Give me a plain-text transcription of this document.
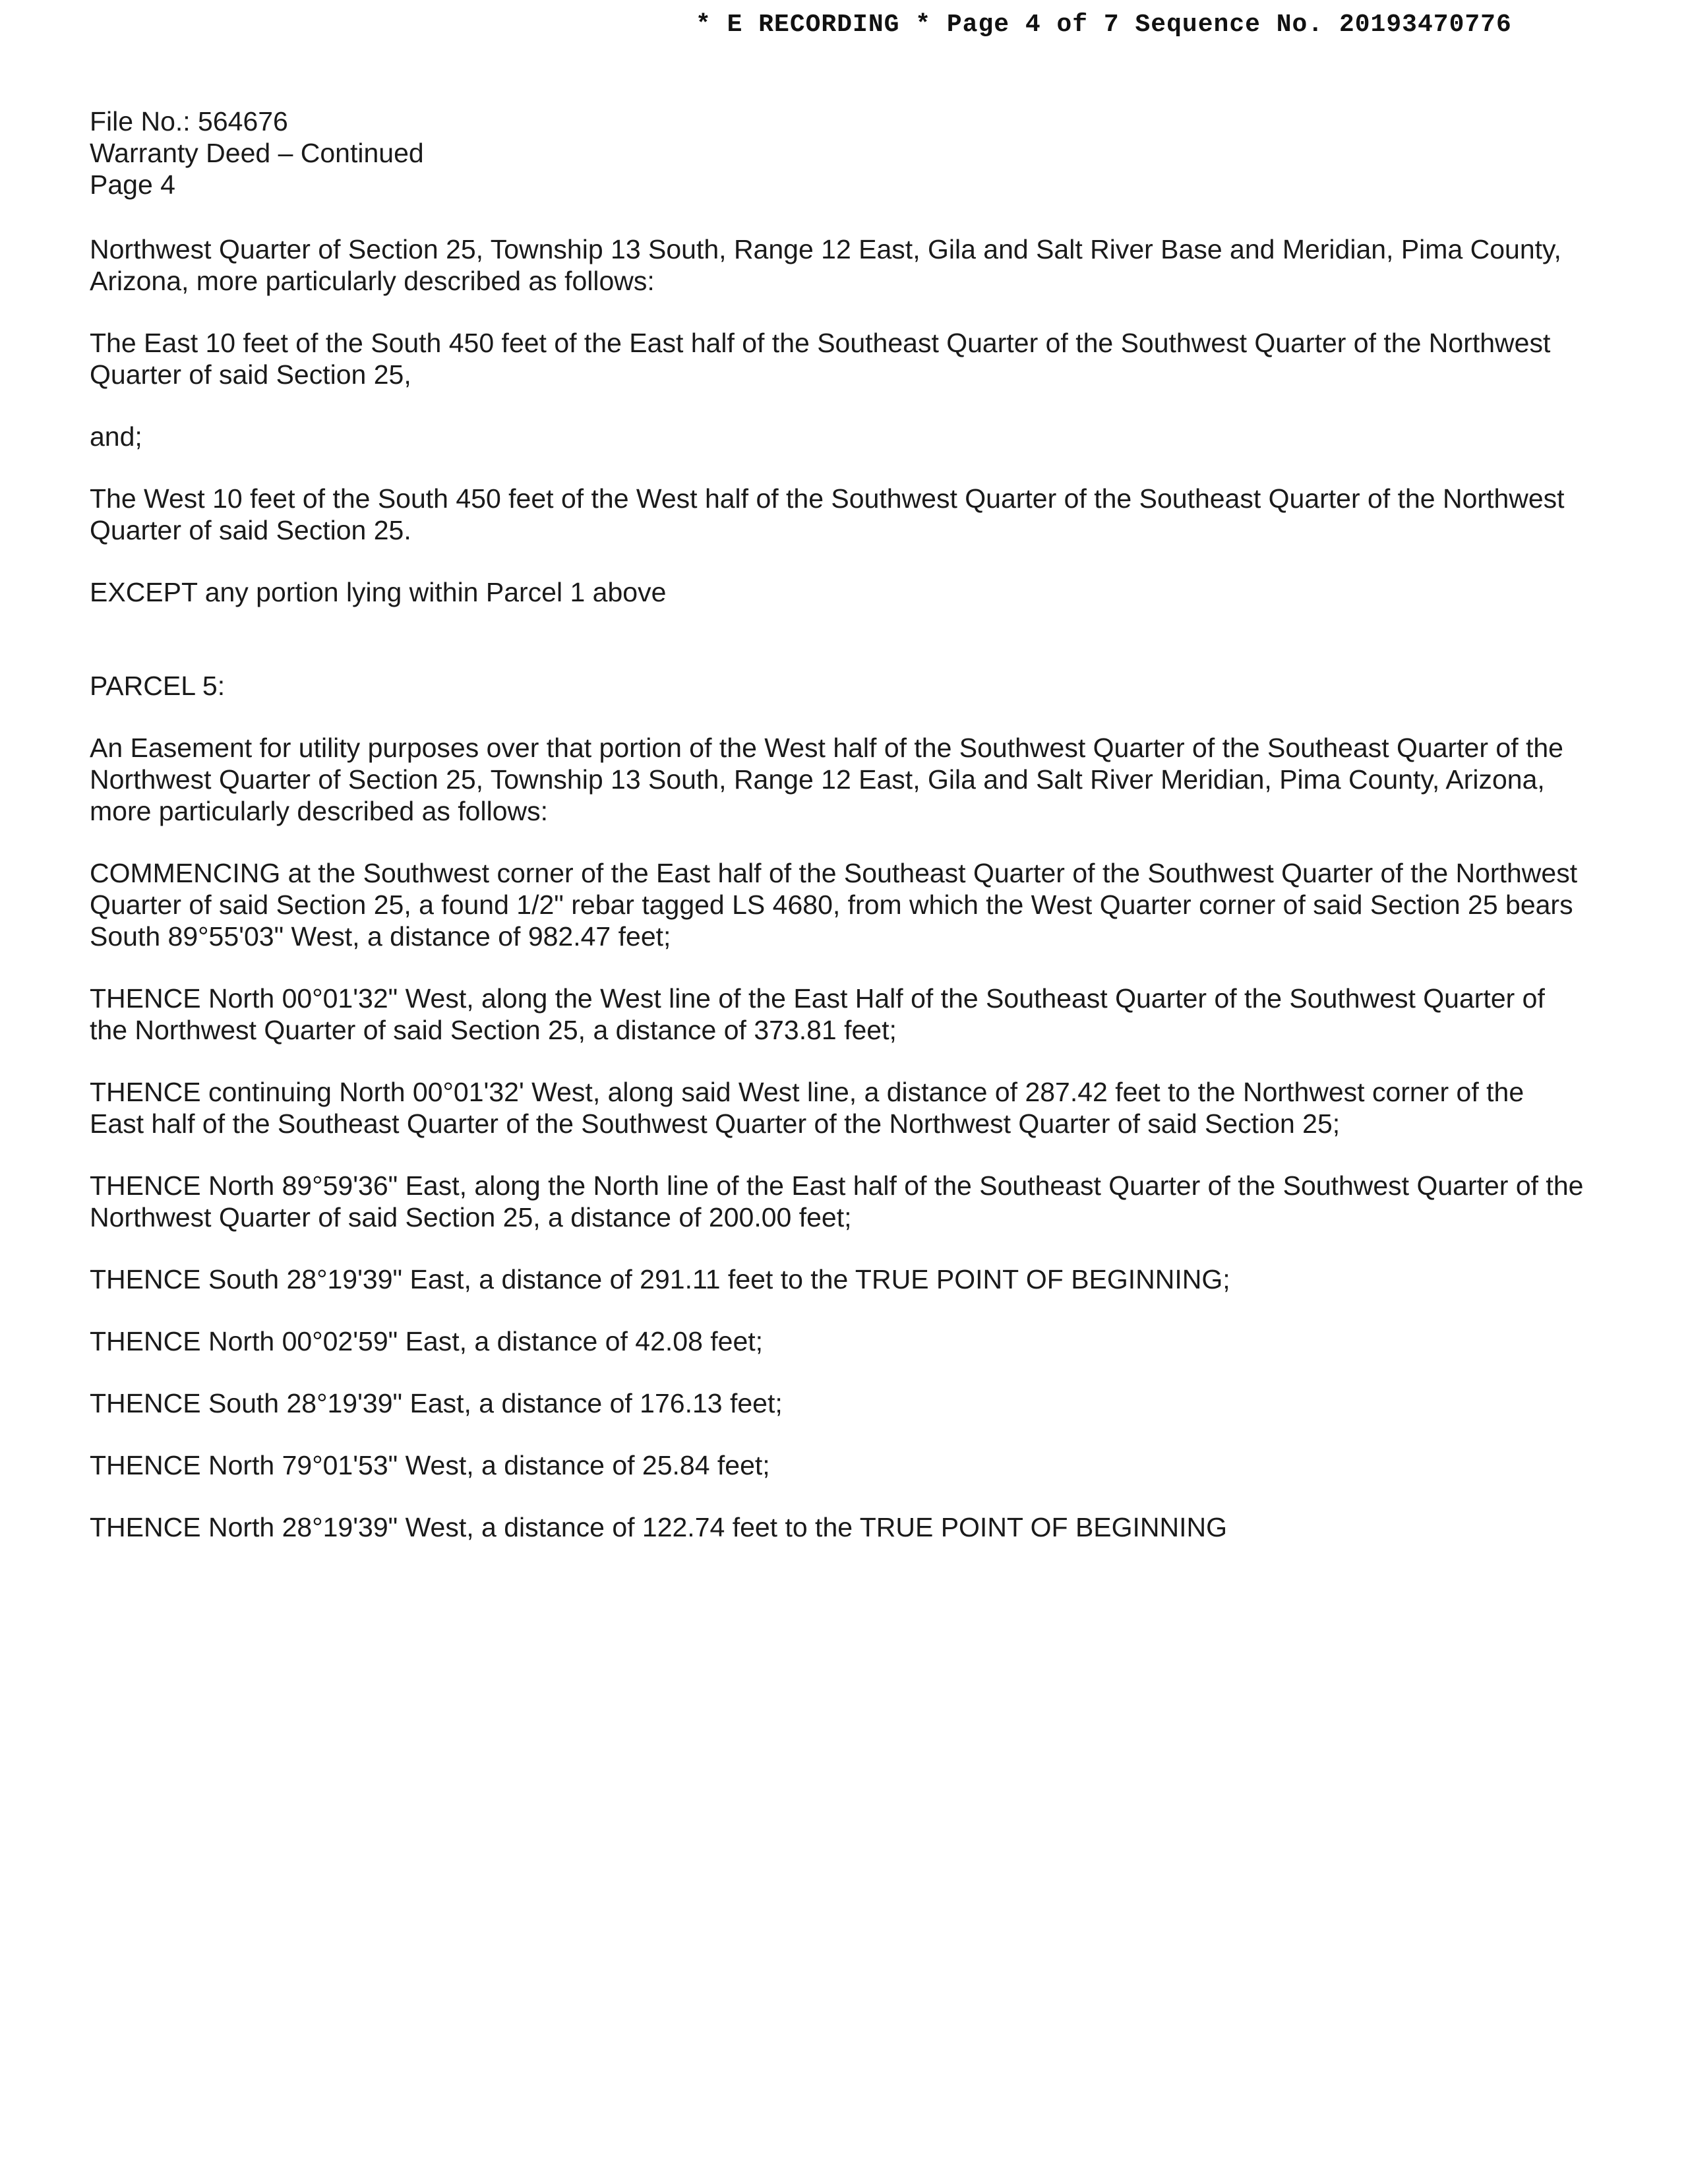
* E RECORDING * Page 4 of 7 Sequence No. 20193470776
File No.: 564676
Warranty Deed – Continued
Page 4

Northwest Quarter of Section 25, Township 13 South, Range 12 East, Gila and Salt River Base and Meridian, Pima County, Arizona, more particularly described as follows:

The East 10 feet of the South 450 feet of the East half of the Southeast Quarter of the Southwest Quarter of the Northwest Quarter of said Section 25,

and;

The West 10 feet of the South 450 feet of the West half of the Southwest Quarter of the Southeast Quarter of the Northwest Quarter of said Section 25.

EXCEPT any portion lying within Parcel 1 above

PARCEL 5:

An Easement for utility purposes over that portion of the West half of the Southwest Quarter of the Southeast Quarter of the Northwest Quarter of Section 25, Township 13 South, Range 12 East, Gila and Salt River Meridian, Pima County, Arizona, more particularly described as follows:

COMMENCING at the Southwest corner of the East half of the Southeast Quarter of the Southwest Quarter of the Northwest Quarter of said Section 25, a found 1/2" rebar tagged LS 4680, from which the West Quarter corner of said Section 25 bears South 89°55'03" West, a distance of 982.47 feet;

THENCE North 00°01'32" West, along the West line of the East Half of the Southeast Quarter of the Southwest Quarter of the Northwest Quarter of said Section 25, a distance of 373.81 feet;

THENCE continuing North 00°01'32' West, along said West line, a distance of 287.42 feet to the Northwest corner of the East half of the Southeast Quarter of the Southwest Quarter of the Northwest Quarter of said Section 25;

THENCE North 89°59'36" East, along the North line of the East half of the Southeast Quarter of the Southwest Quarter of the Northwest Quarter of said Section 25, a distance of 200.00 feet;

THENCE South 28°19'39" East, a distance of 291.11 feet to the TRUE POINT OF BEGINNING;

THENCE North 00°02'59" East, a distance of 42.08 feet;

THENCE South 28°19'39" East, a distance of 176.13 feet;

THENCE North 79°01'53" West, a distance of 25.84 feet;

THENCE North 28°19'39" West, a distance of 122.74 feet to the TRUE POINT OF BEGINNING
